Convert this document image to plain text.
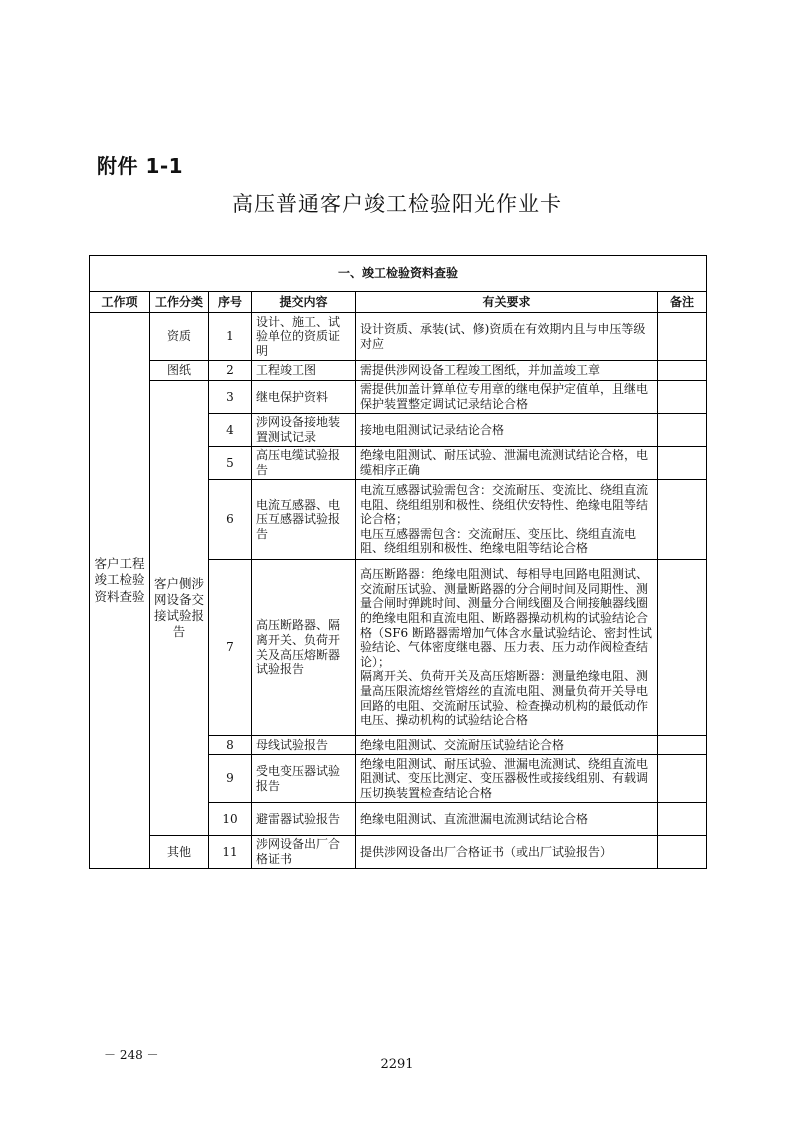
附件 1-1
高压普通客户竣工检验阳光作业卡
一、竣工检验资料查验					
工作项	工作分类	序号	提交内容	有关要求	备注
客户工程竣工检验资料查验	资质	1	设计、施工、试验单位的资质证明	设计资质、承装(试、修)资质在有效期内且与申压等级对应	
	图纸	2	工程竣工图	需提供涉网设备工程竣工图纸，并加盖竣工章	
	客户侧涉网设备交接试验报告	3	继电保护资料	需提供加盖计算单位专用章的继电保护定值单，且继电保护装置整定调试记录结论合格	
		4	涉网设备接地装置测试记录	接地电阻测试记录结论合格	
		5	高压电缆试验报告	绝缘电阻测试、耐压试验、泄漏电流测试结论合格，电缆相序正确	
		6	电流互感器、电压互感器试验报告	电流互感器试验需包含：交流耐压、变流比、绕组直流电阻、绕组组别和极性、绕组伏安特性、绝缘电阻等结论合格；
电压互感器需包含：交流耐压、变压比、绕组直流电阻、绕组组别和极性、绝缘电阻等结论合格	
		7	高压断路器、隔离开关、负荷开关及高压熔断器试验报告	高压断路器：绝缘电阻测试、每相导电回路电阻测试、交流耐压试验、测量断路器的分合闸时间及同期性、测量合闸时弹跳时间、测量分合闸线圈及合闸接触器线圈的绝缘电阻和直流电阻、断路器操动机构的试验结论合格（SF6 断路器需增加气体含水量试验结论、密封性试验结论、气体密度继电器、压力表、压力动作阀检查结论）；
隔离开关、负荷开关及高压熔断器：测量绝缘电阻、测量高压限流熔丝管熔丝的直流电阻、测量负荷开关导电回路的电阻、交流耐压试验、检查操动机构的最低动作电压、操动机构的试验结论合格	
		8	母线试验报告	绝缘电阻测试、交流耐压试验结论合格	
		9	受电变压器试验报告	绝缘电阻测试、耐压试验、泄漏电流测试、绕组直流电阻测试、变压比测定、变压器极性或接线组别、有载调压切换装置检查结论合格	
		10	避雷器试验报告	绝缘电阻测试、直流泄漏电流测试结论合格	
	其他	11	涉网设备出厂合格证书	提供涉网设备出厂合格证书（或出厂试验报告）	
－ 248 －
2291
